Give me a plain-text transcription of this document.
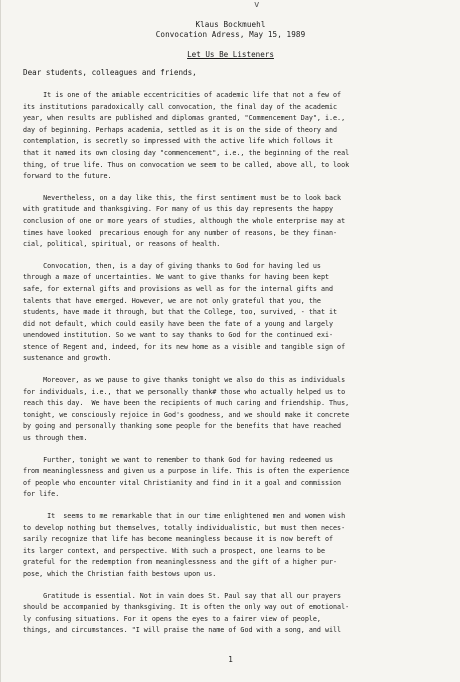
v
Klaus Bockmuehl
Convocation Adress, May 15, 1989
Let Us Be Listeners
Dear students, colleagues and friends,
It is one of the amiable eccentricities of academic life that not a few of
its institutions paradoxically call convocation, the final day of the academic
year, when results are published and diplomas granted, "Commencement Day", i.e.,
day of beginning. Perhaps academia, settled as it is on the side of theory and
contemplation, is secretly so impressed with the active life which follows it
that it named its own closing day "commencement", i.e., the beginning of the real
thing, of true life. Thus on convocation we seem to be called, above all, to look
forward to the future.
Nevertheless, on a day like this, the first sentiment must be to look back
with gratitude and thanksgiving. For many of us this day represents the happy
conclusion of one or more years of studies, although the whole enterprise may at
times have looked  precarious enough for any number of reasons, be they finan-
cial, political, spiritual, or reasons of health.
Convocation, then, is a day of giving thanks to God for having led us
through a maze of uncertainties. We want to give thanks for having been kept
safe, for external gifts and provisions as well as for the internal gifts and
talents that have emerged. However, we are not only grateful that you, the
students, have made it through, but that the College, too, survived, - that it
did not default, which could easily have been the fate of a young and largely
unendowed institution. So we want to say thanks to God for the continued exi-
stence of Regent and, indeed, for its new home as a visible and tangible sign of
sustenance and growth.
Moreover, as we pause to give thanks tonight we also do this as individuals
for individuals, i.e., that we personally thank# those who actually helped us to
reach this day.  We have been the recipients of much caring and friendship. Thus,
tonight, we consciously rejoice in God's goodness, and we should make it concrete
by going and personally thanking some people for the benefits that have reached
us through them.
Further, tonight we want to remember to thank God for having redeemed us
from meaninglessness and given us a purpose in life. This is often the experience
of people who encounter vital Christianity and find in it a goal and commission
for life.
It  seems to me remarkable that in our time enlightened men and women wish
to develop nothing but themselves, totally individualistic, but must then neces-
sarily recognize that life has become meaningless because it is now bereft of
its larger context, and perspective. With such a prospect, one learns to be
grateful for the redemption from meaninglessness and the gift of a higher pur-
pose, which the Christian faith bestows upon us.
Gratitude is essential. Not in vain does St. Paul say that all our prayers
should be accompanied by thanksgiving. It is often the only way out of emotional-
ly confusing situations. For it opens the eyes to a fairer view of people,
things, and circumstances. "I will praise the name of God with a song, and will
1
